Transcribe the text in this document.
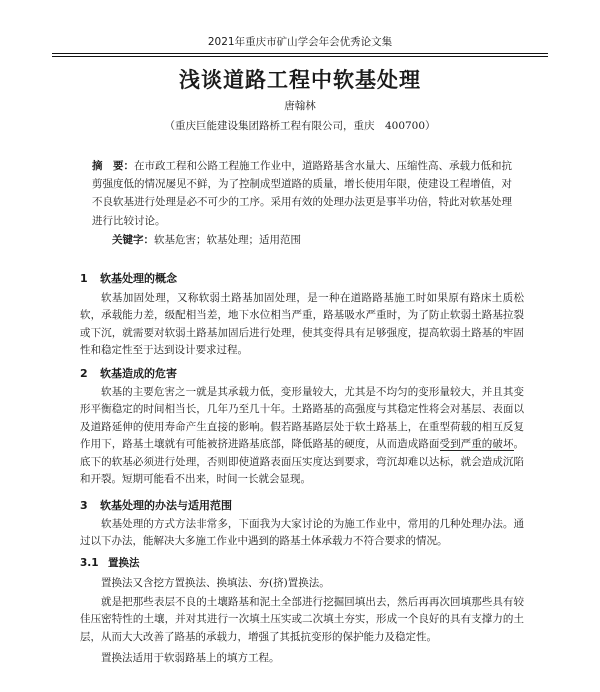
2021年重庆市矿山学会年会优秀论文集
浅谈道路工程中软基处理
唐翰林
（重庆巨能建设集团路桥工程有限公司，重庆　400700）
摘　要：在市政工程和公路工程施工作业中，道路路基含水量大、压缩性高、承载力低和抗剪强度低的情况屡见不鲜，为了控制成型道路的质量，增长使用年限，使建设工程增值，对不良软基进行处理是必不可少的工序。采用有效的处理办法更是事半功倍，特此对软基处理进行比较讨论。
关键字：软基危害；软基处理；适用范围
1 软基处理的概念
软基加固处理，又称软弱土路基加固处理，是一种在道路路基施工时如果原有路床土质松软，承载能力差，级配相当差，地下水位相当严重，路基吸水严重时，为了防止软弱土路基拉裂或下沉，就需要对软弱土路基加固后进行处理，使其变得具有足够强度，提高软弱土路基的牢固性和稳定性至于达到设计要求过程。
2 软基造成的危害
软基的主要危害之一就是其承载力低，变形量较大，尤其是不均匀的变形量较大，并且其变形平衡稳定的时间相当长，几年乃至几十年。土路路基的高强度与其稳定性将会对基层、表面以及道路延伸的使用寿命产生直接的影响。假若路基路层处于软土路基上，在重型荷载的相互反复作用下，路基土壤就有可能被挤进路基底部，降低路基的硬度，从而造成路面受到严重的破坏。底下的软基必须进行处理，否则即使道路表面压实度达到要求，弯沉却难以达标，就会造成沉陷和开裂。短期可能看不出来，时间一长就会显现。
3 软基处理的办法与适用范围
软基处理的方式方法非常多，下面我为大家讨论的为施工作业中，常用的几种处理办法。通过以下办法，能解决大多施工作业中遇到的路基土体承载力不符合要求的情况。
3.1 置换法
置换法又含挖方置换法、换填法、夯(挤)置换法。
就是把那些表层不良的土壤路基和泥土全部进行挖掘回填出去，然后再再次回填那些具有较佳压密特性的土壤，并对其进行一次填土压实或二次填土夯实，形成一个良好的具有支撑力的土层，从而大大改善了路基的承载力，增强了其抵抗变形的保护能力及稳定性。
置换法适用于软弱路基上的填方工程。
